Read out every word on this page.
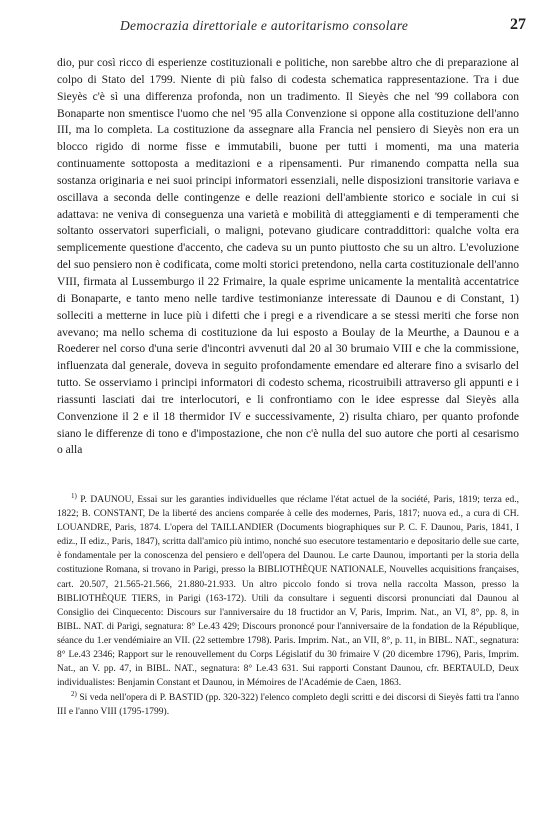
Democrazia direttoriale e autoritarismo consolare	27

dio, pur così ricco di esperienze costituzionali e politiche, non sarebbe altro che di preparazione al colpo di Stato del 1799. Niente di più falso di codesta schematica rappresentazione. Tra i due Sieyès c'è sì una differenza profonda, non un tradimento. Il Sieyès che nel '99 collabora con Bonaparte non smentisce l'uomo che nel '95 alla Convenzione si oppone alla costituzione dell'anno III, ma lo completa. La costituzione da assegnare alla Francia nel pensiero di Sieyès non era un blocco rigido di norme fisse e immutabili, buone per tutti i momenti, ma una materia continuamente sottoposta a meditazioni e a ripensamenti. Pur rimanendo compatta nella sua sostanza originaria e nei suoi principi informatori essenziali, nelle disposizioni transitorie variava e oscillava a seconda delle contingenze e delle reazioni dell'ambiente storico e sociale in cui si adattava: ne veniva di conseguenza una varietà e mobilità di atteggiamenti e di temperamenti che soltanto osservatori superficiali, o maligni, potevano giudicare contraddittori: qualche volta era semplicemente questione d'accento, che cadeva su un punto piuttosto che su un altro. L'evoluzione del suo pensiero non è codificata, come molti storici pretendono, nella carta costituzionale dell'anno VIII, firmata al Lussemburgo il 22 Frimaire, la quale esprime unicamente la mentalità accentatrice di Bonaparte, e tanto meno nelle tardive testimonianze interessate di Daunou e di Constant, 1) solleciti a metterne in luce più i difetti che i pregi e a rivendicare a se stessi meriti che forse non avevano; ma nello schema di costituzione da lui esposto a Boulay de la Meurthe, a Daunou e a Roederer nel corso d'una serie d'incontri avvenuti dal 20 al 30 brumaio VIII e che la commissione, influenzata dal generale, doveva in seguito profondamente emendare ed alterare fino a svisarlo del tutto. Se osserviamo i principi informatori di codesto schema, ricostruibili attraverso gli appunti e i riassunti lasciati dai tre interlocutori, e li confrontiamo con le idee espresse dal Sieyès alla Convenzione il 2 e il 18 thermidor IV e successivamente, 2) risulta chiaro, per quanto profonde siano le differenze di tono e d'impostazione, che non c'è nulla del suo autore che porti al cesarismo o alla

$^{1)}$ P. DAUNOU, Essai sur les garanties individuelles que réclame l'état actuel de la société, Paris, 1819; terza ed., 1822; B. CONSTANT, De la liberté des anciens comparée à celle des modernes, Paris, 1817; nuova ed., a cura di CH. LOUANDRE, Paris, 1874. L'opera del TAILLANDIER (Documents biographiques sur P. C. F. Daunou, Paris, 1841, I ediz., II ediz., Paris, 1847), scritta dall'amico più intimo, nonché suo esecutore testamentario e depositario delle sue carte, è fondamentale per la conoscenza del pensiero e dell'opera del Daunou. Le carte Daunou, importanti per la storia della costituzione Romana, si trovano in Parigi, presso la BIBLIOTHÈQUE NATIONALE, Nouvelles acquisitions françaises, cart. 20.507, 21.565-21.566, 21.880-21.933. Un altro piccolo fondo si trova nella raccolta Masson, presso la BIBLIOTHÈQUE TIERS, in Parigi (163-172). Utili da consultare i seguenti discorsi pronunciati dal Daunou al Consiglio dei Cinquecento: Discours sur l'anniversaire du 18 fructidor an V, Paris, Imprim. Nat., an VI, 8°, pp. 8, in BIBL. NAT. di Parigi, segnatura: 8° Le.43 429; Discours prononcé pour l'anniversaire de la fondation de la République, séance du 1.er vendémiaire an VII. (22 settembre 1798). Paris. Imprim. Nat., an VII, 8°, p. 11, in BIBL. NAT., segnatura: 8° Le.43 2346; Rapport sur le renouvellement du Corps Législatif du 30 frimaire V (20 dicembre 1796), Paris, Imprim. Nat., an V. pp. 47, in BIBL. NAT., segnatura: 8° Le.43 631. Sui rapporti Constant Daunou, cfr. BERTAULD, Deux individualistes: Benjamin Constant et Daunou, in Mémoires de l'Académie de Caen, 1863.

$^{2)}$ Si veda nell'opera di P. BASTID (pp. 320-322) l'elenco completo degli scritti e dei discorsi di Sieyès fatti tra l'anno III e l'anno VIII (1795-1799).
